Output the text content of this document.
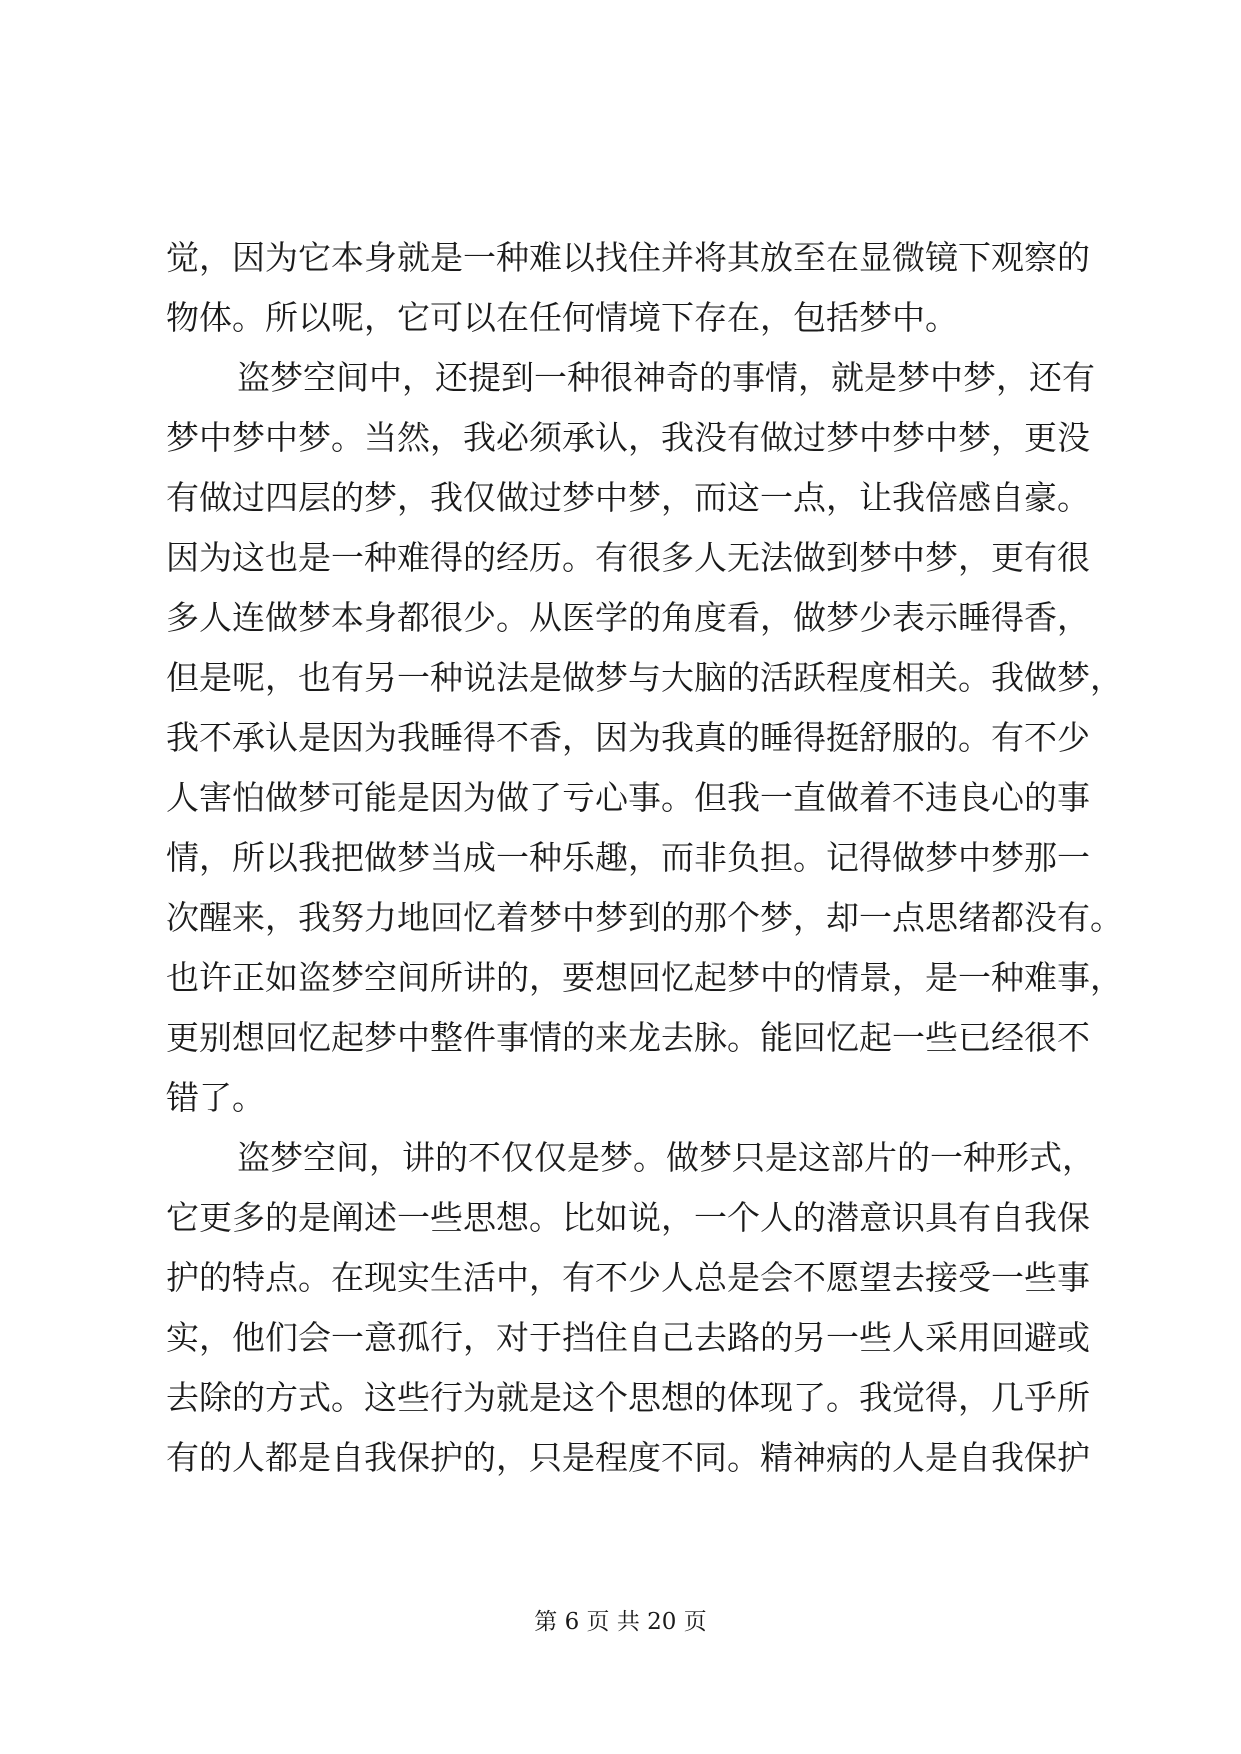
觉，因为它本身就是一种难以找住并将其放至在显微镜下观察的
物体。所以呢，它可以在任何情境下存在，包括梦中。
盗梦空间中，还提到一种很神奇的事情，就是梦中梦，还有
梦中梦中梦。当然，我必须承认，我没有做过梦中梦中梦，更没
有做过四层的梦，我仅做过梦中梦，而这一点，让我倍感自豪。
因为这也是一种难得的经历。有很多人无法做到梦中梦，更有很
多人连做梦本身都很少。从医学的角度看，做梦少表示睡得香，
但是呢，也有另一种说法是做梦与大脑的活跃程度相关。我做梦，
我不承认是因为我睡得不香，因为我真的睡得挺舒服的。有不少
人害怕做梦可能是因为做了亏心事。但我一直做着不违良心的事
情，所以我把做梦当成一种乐趣，而非负担。记得做梦中梦那一
次醒来，我努力地回忆着梦中梦到的那个梦，却一点思绪都没有。
也许正如盗梦空间所讲的，要想回忆起梦中的情景，是一种难事，
更别想回忆起梦中整件事情的来龙去脉。能回忆起一些已经很不
错了。
盗梦空间，讲的不仅仅是梦。做梦只是这部片的一种形式，
它更多的是阐述一些思想。比如说，一个人的潜意识具有自我保
护的特点。在现实生活中，有不少人总是会不愿望去接受一些事
实，他们会一意孤行，对于挡住自己去路的另一些人采用回避或
去除的方式。这些行为就是这个思想的体现了。我觉得，几乎所
有的人都是自我保护的，只是程度不同。精神病的人是自我保护
第 6 页 共 20 页
